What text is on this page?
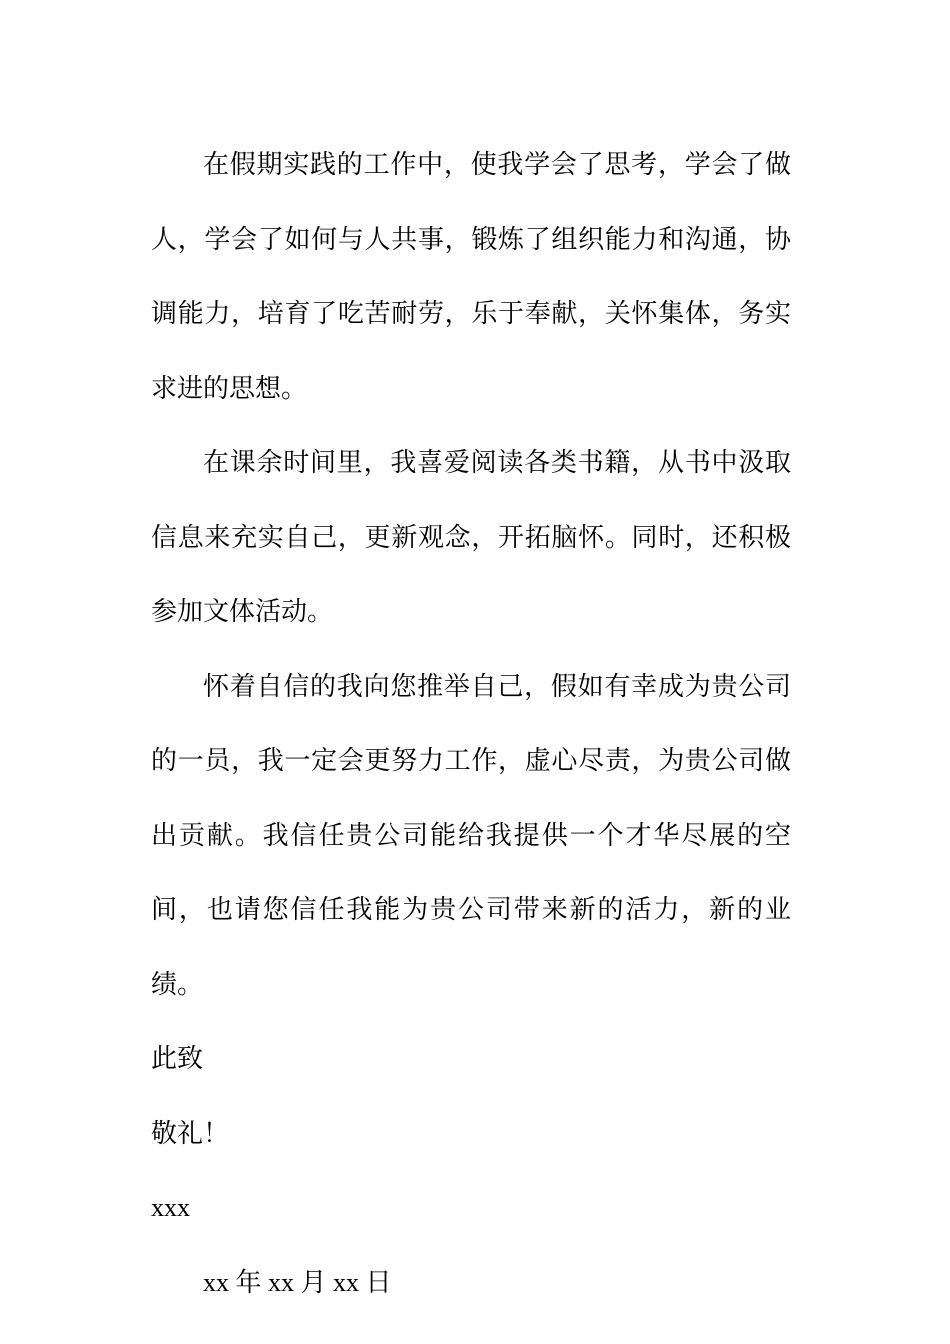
在假期实践的工作中，使我学会了思考，学会了做人，学会了如何与人共事，锻炼了组织能力和沟通，协调能力，培育了吃苦耐劳，乐于奉献，关怀集体，务实求进的思想。

在课余时间里，我喜爱阅读各类书籍，从书中汲取信息来充实自己，更新观念，开拓脑怀。同时，还积极参加文体活动。

怀着自信的我向您推举自己，假如有幸成为贵公司的一员，我一定会更努力工作，虚心尽责，为贵公司做出贡献。我信任贵公司能给我提供一个才华尽展的空间，也请您信任我能为贵公司带来新的活力，新的业绩。

此致

敬礼！

xxx

xx 年 xx 月 xx 日
